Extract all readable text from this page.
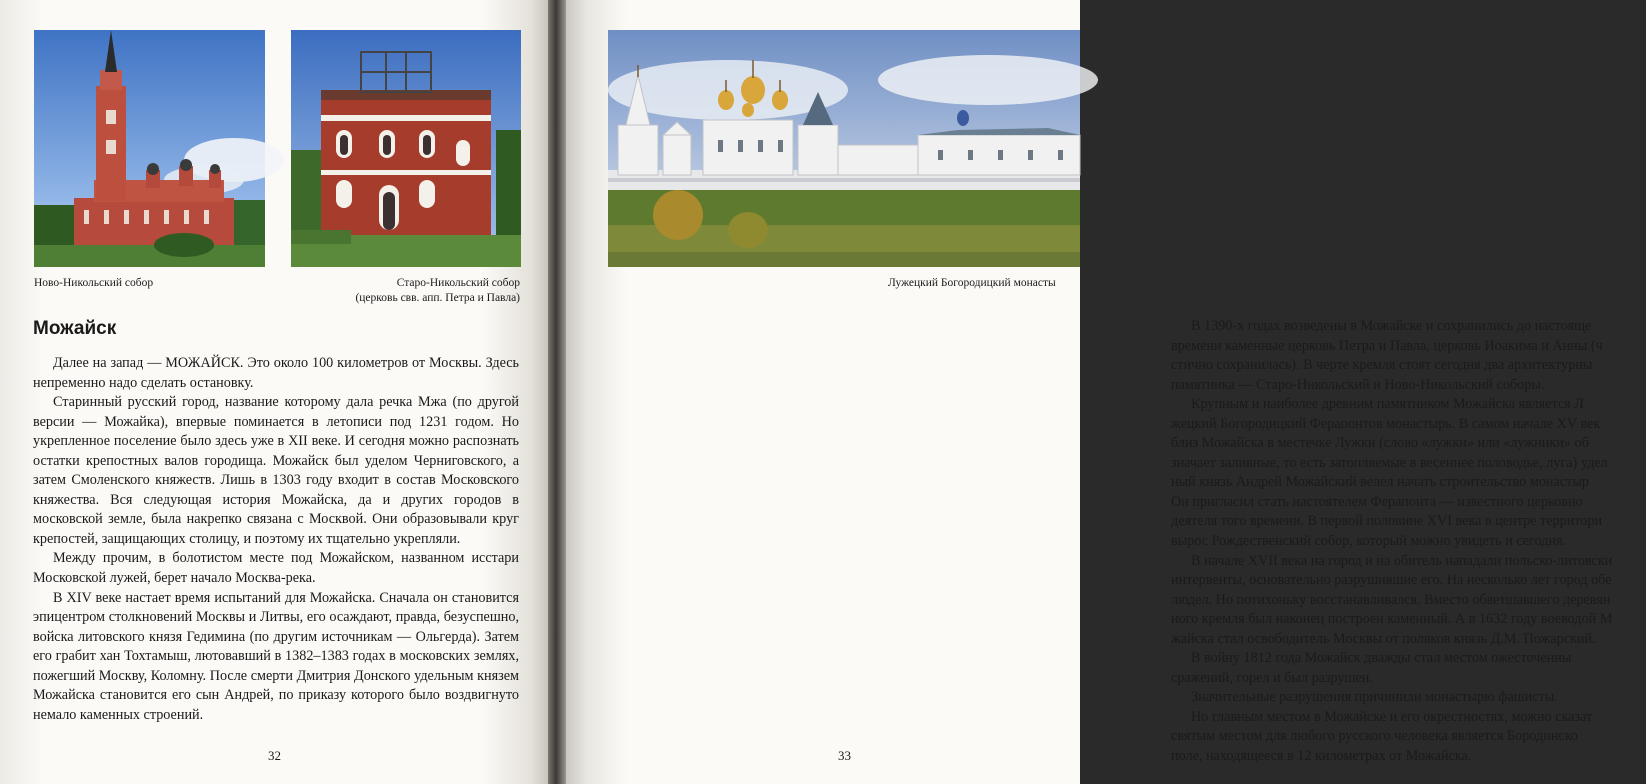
Ново-Никольский собор	Старо-Никольский собор
(церковь свв. апп. Петра и Павла)
Можайск

Далее на запад — МОЖАЙСК. Это около 100 километров от Москвы. Здесь непременно надо сделать остановку.

Старинный русский город, название которому дала речка Мжа (по другой версии — Можайка), впервые поминается в летописи под 1231 годом. Но укрепленное поселение было здесь уже в XII веке. И сегодня можно распознать остатки крепостных валов городища. Можайск был уделом Черниговского, а затем Смоленского княжеств. Лишь в 1303 году входит в состав Московского княжества. Вся следующая история Можайска, да и других городов в московской земле, была накрепко связана с Москвой. Они образовывали круг крепостей, защищающих столицу, и поэтому их тщательно укрепляли.

Между прочим, в болотистом месте под Можайском, названном исстари Московской лужей, берет начало Москва-река.

В XIV веке настает время испытаний для Можайска. Сначала он становится эпицентром столкновений Москвы и Литвы, его осаждают, правда, безуспешно, войска литовского князя Гедимина (по другим источникам — Ольгерда). Затем его грабит хан Тохтамыш, лютовавший в 1382–1383 годах в московских землях, пожегший Москву, Коломну. После смерти Дмитрия Донского удельным князем Можайска становится его сын Андрей, по приказу которого было воздвигнуто немало каменных строений.

32
Лужецкий Богородицкий монасты
В 1390-х годах возведены в Можайске и сохранились до настояще
времени каменные церковь Петра и Павла, церковь Иоакима и Анны (ч
стично сохранилась). В черте кремля стоят сегодня два архитектурны
памятника — Старо-Никольский и Ново-Никольский соборы.
Крупным и наиболее древним памятником Можайска является Л
жецкий Богородицкий Ферапонтов монастырь. В самом начале XV век
близ Можайска в местечке Лужки (слово «лужки» или «лужники» об
значает заливные, то есть затопляемые в весеннее половодье, луга) удел
ный князь Андрей Можайский велел начать строительство монастыр
Он пригласил стать настоятелем Ферапонта — известного церковно
деятеля того времени. В первой половине XVI века в центре территори
вырос Рождественский собор, который можно увидеть и сегодня.
В начале XVII века на город и на обитель нападали польско-литовски
интервенты, основательно разрушившие его. На несколько лет город обе
людел. Но потихоньку восстанавливался. Вместо обветшавшего деревян
ного кремля был наконец построен каменный. А в 1632 году воеводой М
жайска стал освободитель Москвы от поляков князь Д.М. Пожарский.
В войну 1812 года Можайск дважды стал местом ожесточенны
сражений, горел и был разрушен.
Значительные разрушения причинили монастырю фашисты.
Но главным местом в Можайске и его окрестностях, можно сказат
святым местом для любого русского человека является Бородинско
поле, находящееся в 12 километрах от Можайска.
33
